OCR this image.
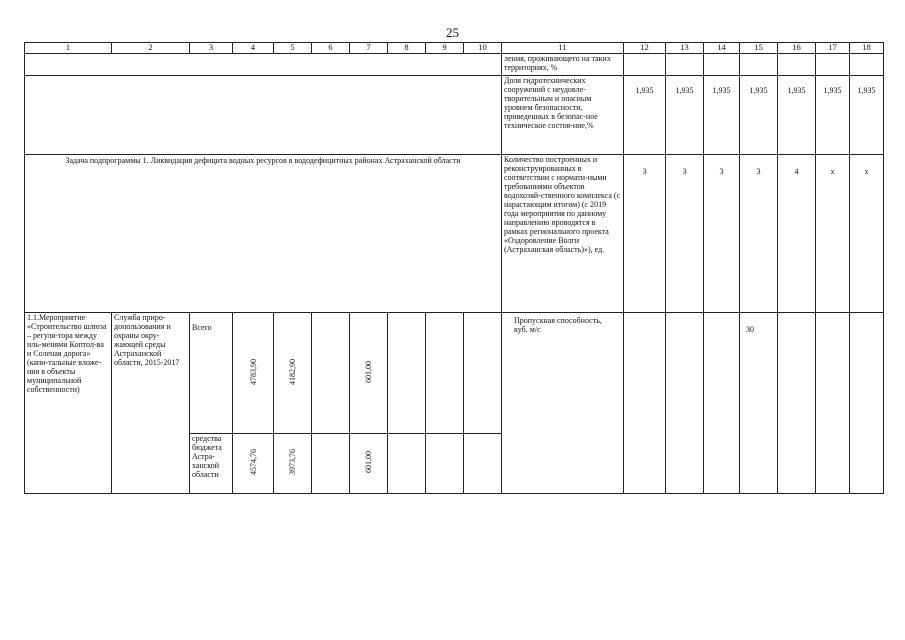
25
1	2	3	4	5	6	7	8	9	10	11	12	13	14	15	16	17	18
										ления, проживающего на таких территориях, %							
										Доля гидротехнических сооружений с неудовле-творительным и опасным уровнем безопасности, приведенных в безопас-ное техническое состоя-ние,%	1,935	1,935	1,935	1,935	1,935	1,935	1,935
Задача подпрограммы 1. Ликвидация дефицита водных ресурсов в вододефицитных районах Астраханской области										Количество построенных и реконструированных в соответствии с нормати-ными требованиями объектов водохозяй-ственного комплекса (с нарастающим итогом) (с 2019 года мероприятия по данному направлению проводятся в рамках регионального проекта «Оздоровление Волги (Астраханская область)»), ед.	3	3	3	3	4	x	x
1.1.Мероприятие «Строительство шлюза – регуля-тора между иль-менями Коптол-ва и Соленая дорога» (капи-тальные вложе-ния в объекты муниципальной собственности)	Служба приро-допользования и охраны окру-жающей среды Астраханской области, 2015-2017	Всего	4783,90	4182,90		601,00				Пропускная способность, куб. м/с				30			
		средства бюджета Астра-ханской области	4574,76	3973,76		601,00											
